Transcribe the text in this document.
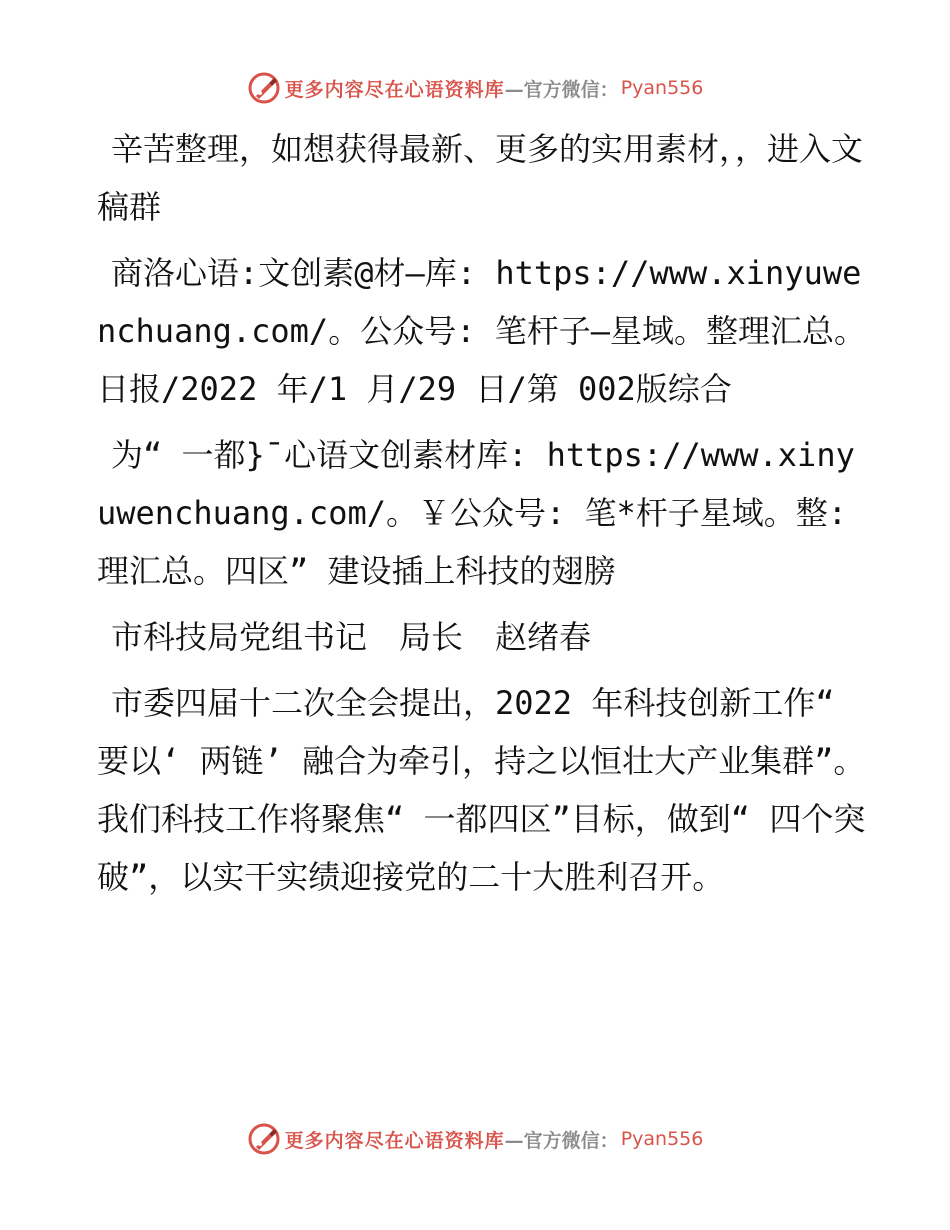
更多内容尽在心语资料库 —官方微信： Pyan556

辛苦整理，如想获得最新、更多的实用素材，，进入文稿群

商洛心语:文创素@材—库: https://www.xinyuwenchuang.com/。公众号: 笔杆子—星域。整理汇总。日报/2022 年/1 月/29 日/第 002版综合

为“ 一都}¯心语文创素材库: https://www.xinyuwenchuang.com/。￥公众号: 笔*杆子星域。整:理汇总。四区” 建设插上科技的翅膀

市科技局党组书记　局长　赵绪春

市委四届十二次全会提出，2022 年科技创新工作“ 要以‘ 两链’ 融合为牵引，持之以恒壮大产业集群”。我们科技工作将聚焦“ 一都四区”目标，做到“ 四个突破”，以实干实绩迎接党的二十大胜利召开。

更多内容尽在心语资料库 —官方微信： Pyan556
